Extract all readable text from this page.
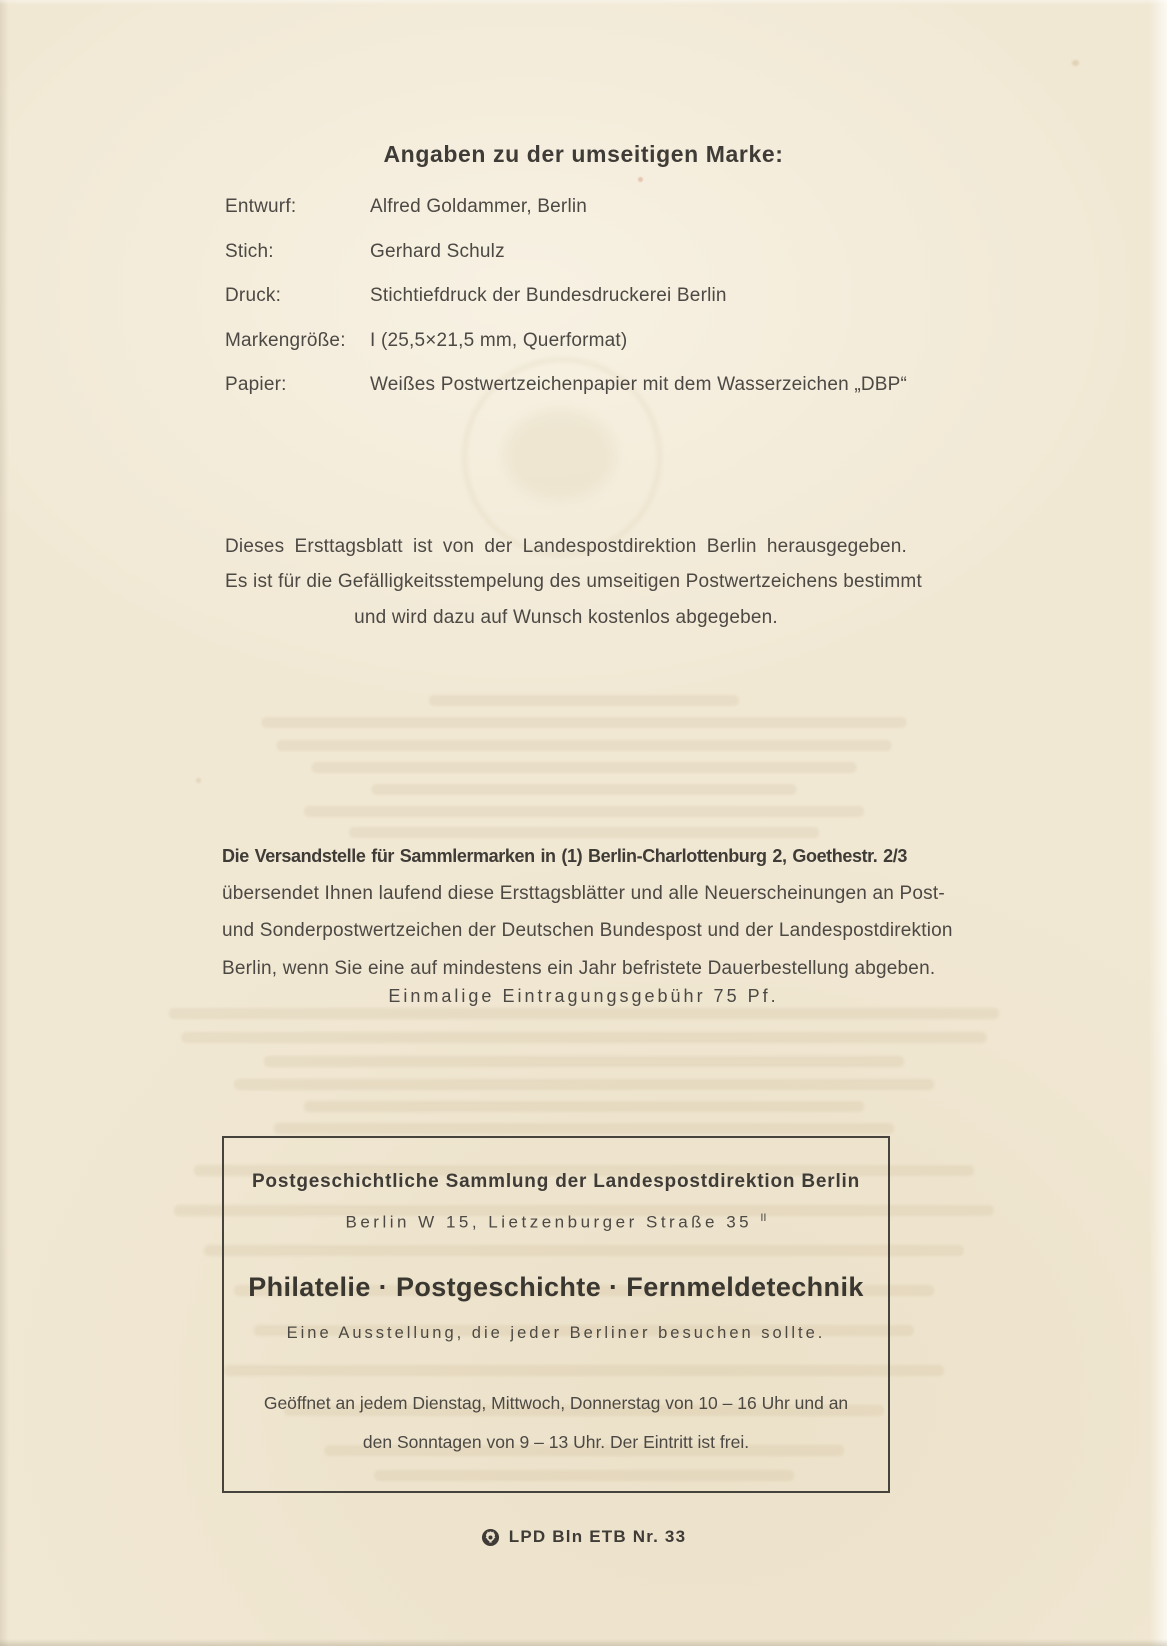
Angaben zu der umseitigen Marke:
Entwurf:	Alfred Goldammer, Berlin
Stich:	Gerhard Schulz
Druck:	Stichtiefdruck der Bundesdruckerei Berlin
Markengröße:	I (25,5×21,5 mm, Querformat)
Papier:	Weißes Postwertzeichenpapier mit dem Wasserzeichen „DBP“
Dieses Ersttagsblatt ist von der Landespostdirektion Berlin herausgegeben.
Es ist für die Gefälligkeitsstempelung des umseitigen Postwertzeichens bestimmt
und wird dazu auf Wunsch kostenlos abgegeben.
Die Versandstelle für Sammlermarken in (1) Berlin-Charlottenburg 2, Goethestr. 2/3
übersendet Ihnen laufend diese Ersttagsblätter und alle Neuerscheinungen an Post-
und Sonderpostwertzeichen der Deutschen Bundespost und der Landespostdirektion
Berlin, wenn Sie eine auf mindestens ein Jahr befristete Dauerbestellung abgeben.
Einmalige Eintragungsgebühr 75 Pf.
Postgeschichtliche Sammlung der Landespostdirektion Berlin
Berlin W 15, Lietzenburger Straße 35 $^{II}$
Philatelie · Postgeschichte · Fernmeldetechnik
Eine Ausstellung, die jeder Berliner besuchen sollte.
Geöffnet an jedem Dienstag, Mittwoch, Donnerstag von 10 – 16 Uhr und an
den Sonntagen von 9 – 13 Uhr. Der Eintritt ist frei.
LPD Bln ETB Nr. 33
